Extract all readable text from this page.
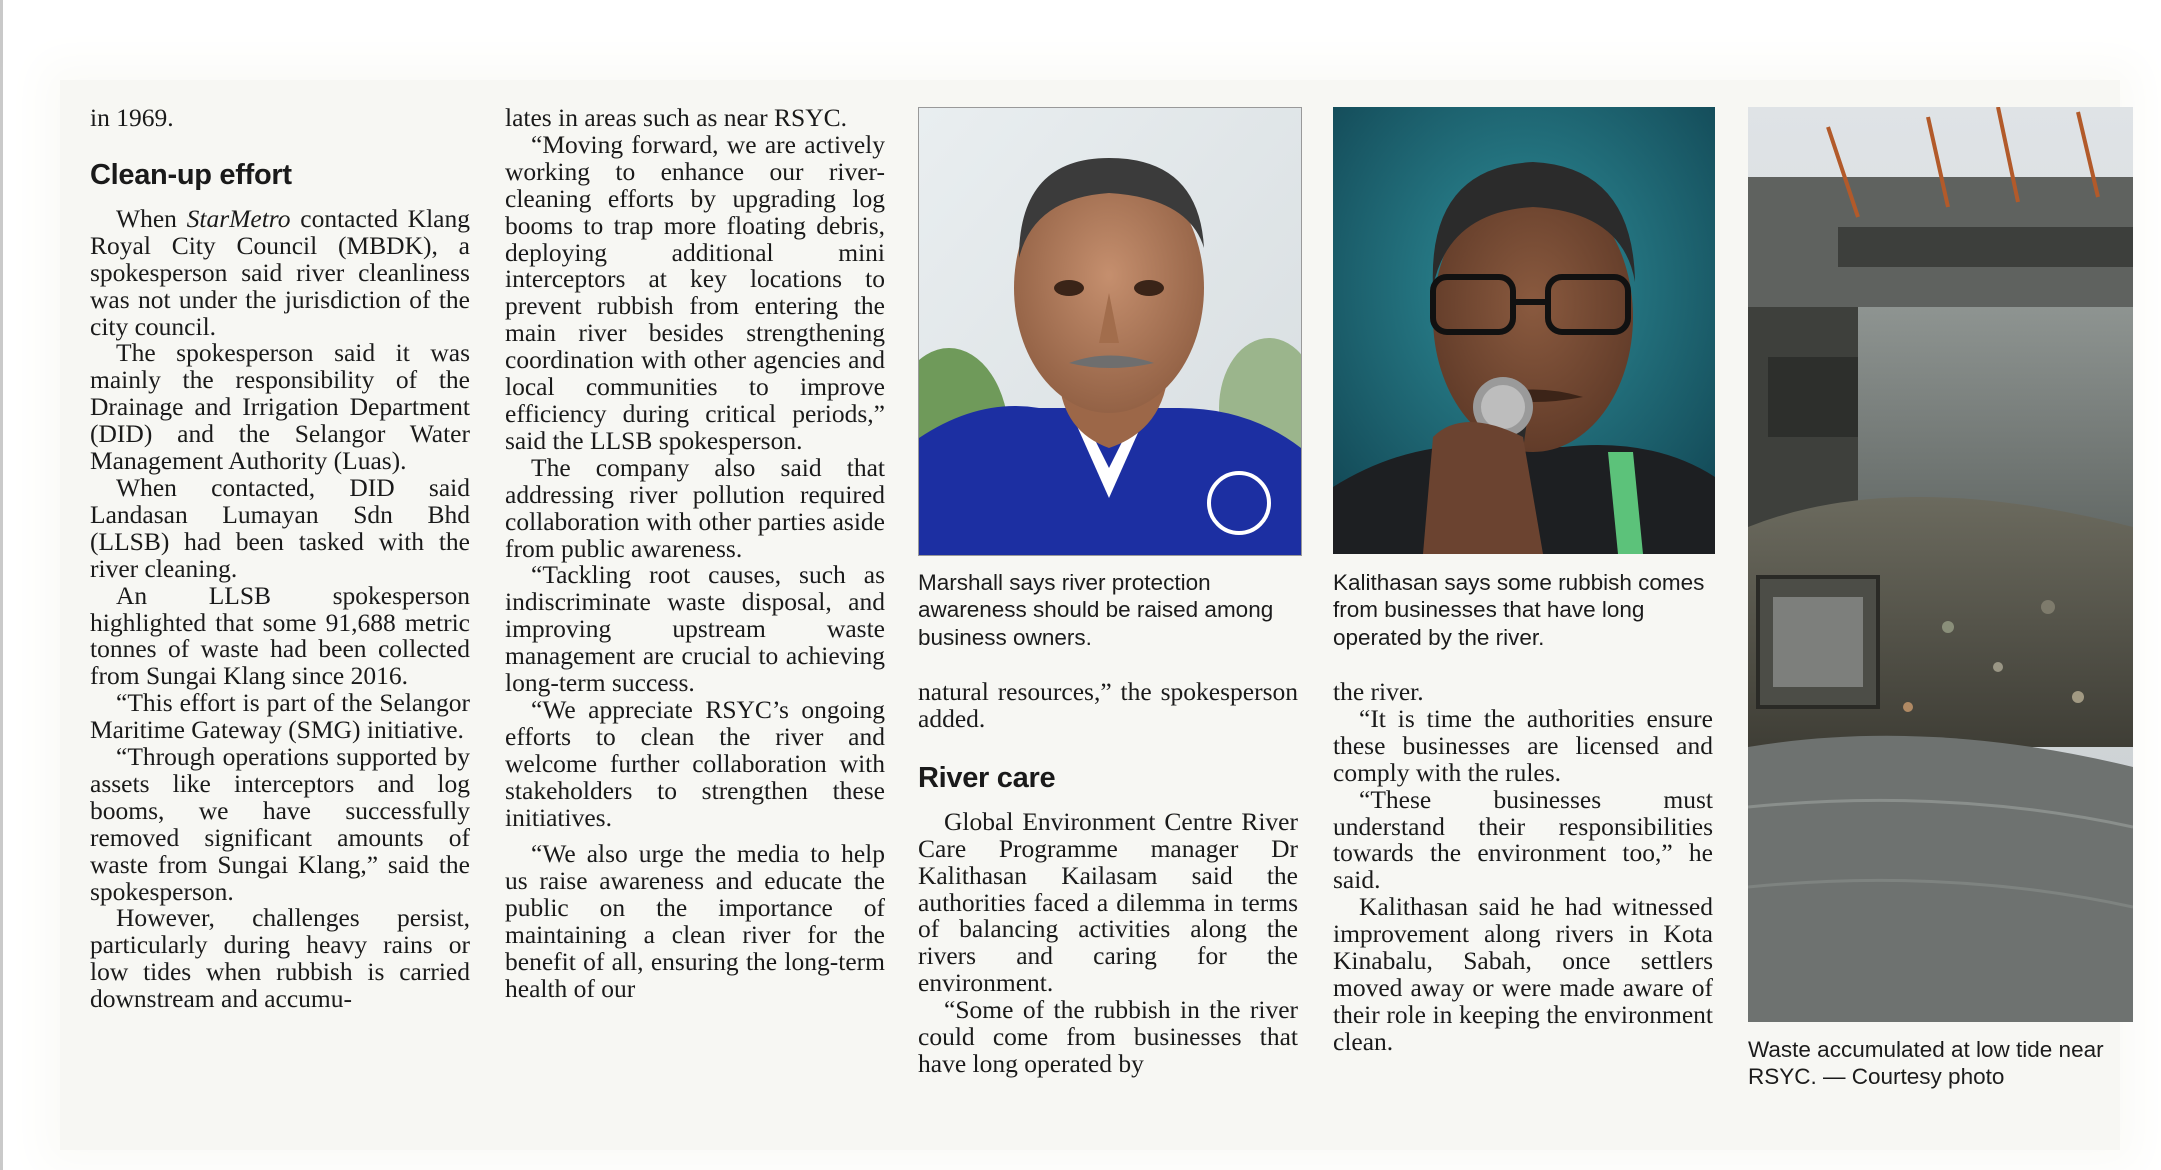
in 1969.

Clean-up effort

When StarMetro contacted Klang Royal City Council (MBDK), a spokesperson said river cleanliness was not under the jurisdiction of the city council.

The spokesperson said it was mainly the responsibility of the Drainage and Irrigation Department (DID) and the Selangor Water Management Authority (Luas).

When contacted, DID said Landasan Lumayan Sdn Bhd (LLSB) had been tasked with the river cleaning.

An LLSB spokesperson highlighted that some 91,688 metric tonnes of waste had been collected from Sungai Klang since 2016.

“This effort is part of the Selangor Maritime Gateway (SMG) initiative.

“Through operations supported by assets like interceptors and log booms, we have successfully removed significant amounts of waste from Sungai Klang,” said the spokesperson.

However, challenges persist, particularly during heavy rains or low tides when rubbish is carried downstream and accumu-

lates in areas such as near RSYC.

“Moving forward, we are actively working to enhance our river-cleaning efforts by upgrading log booms to trap more floating debris, deploying additional mini interceptors at key locations to prevent rubbish from entering the main river besides strengthening coordination with other agencies and local communities to improve efficiency during critical periods,” said the LLSB spokesperson.

The company also said that addressing river pollution required collaboration with other parties aside from public awareness.

“Tackling root causes, such as indiscriminate waste disposal, and improving upstream waste management are crucial to achieving long-term success.

“We appreciate RSYC’s ongoing efforts to clean the river and welcome further collaboration with stakeholders to strengthen these initiatives.

“We also urge the media to help us raise awareness and educate the public on the importance of maintaining a clean river for the benefit of all, ensuring the long-term health of our

Marshall says river protection awareness should be raised among business owners.

natural resources,” the spokesperson added.

River care

Global Environment Centre River Care Programme manager Dr Kalithasan Kailasam said the authorities faced a dilemma in terms of balancing activities along the rivers and caring for the environment.

“Some of the rubbish in the river could come from businesses that have long operated by

Kalithasan says some rubbish comes from businesses that have long operated by the river.

the river.

“It is time the authorities ensure these businesses are licensed and comply with the rules.

“These businesses must understand their responsibilities towards the environment too,” he said.

Kalithasan said he had witnessed improvement along rivers in Kota Kinabalu, Sabah, once settlers moved away or were made aware of their role in keeping the environment clean.	Waste accumulated at low tide near RSYC. — Courtesy photo
